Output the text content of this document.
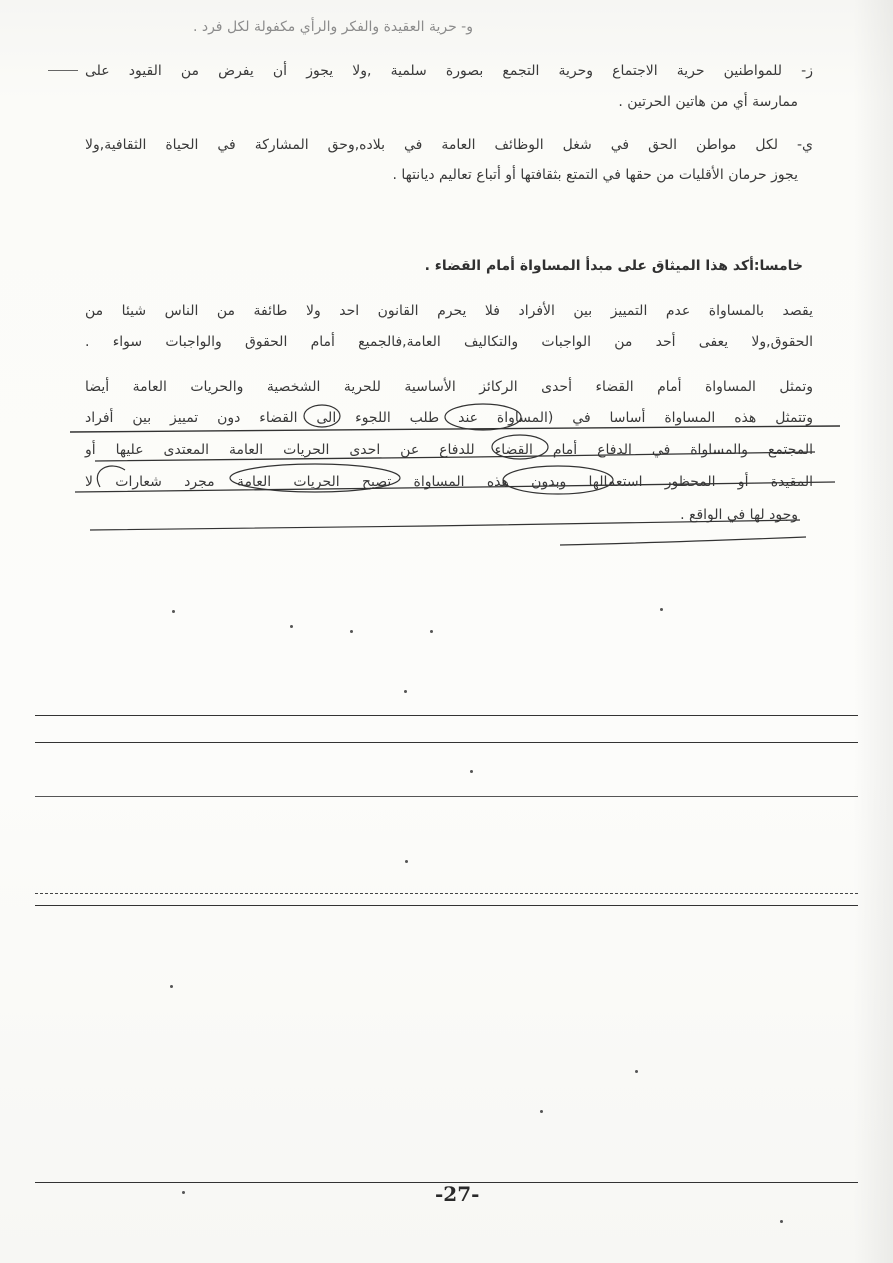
و- حرية العقيدة والفكر والرأي مكفولة لكل فرد .
ز- للمواطنين حرية الاجتماع وحرية التجمع بصورة سلمية ,ولا يجوز أن يفرض من القيود على
ممارسة أي من هاتين الحرتين .
ي- لكل مواطن الحق في شغل الوظائف العامة في بلاده,وحق المشاركة في الحياة الثقافية,ولا
يجوز حرمان الأقليات من حقها في التمتع بثقافتها أو أتباع تعاليم ديانتها .
خامسا:أكد هذا الميثاق على مبدأ المساواة أمام القضاء .
يقصد بالمساواة عدم التمييز بين الأفراد فلا يحرم القانون احد ولا طائفة من الناس شيئا من
الحقوق,ولا يعفى أحد من الواجبات والتكاليف العامة,فالجميع أمام الحقوق والواجبات سواء .
وتمثل المساواة أمام القضاء أحدى الركائز الأساسية للحرية الشخصية والحريات العامة أيضا
وتتمثل هذه المساواة أساسا في (المساواة عند طلب اللجوء الى القضاء دون تمييز بين أفراد
المجتمع والمساواة في الدفاع أمام القضاء للدفاع عن احدى الحريات العامة المعتدى عليها أو
المقيدة أو المحظور استعمالها وبدون هذه المساواة تصبح الحريات العامة مجرد شعارات لا
وجود لها في الواقع .
-27-
